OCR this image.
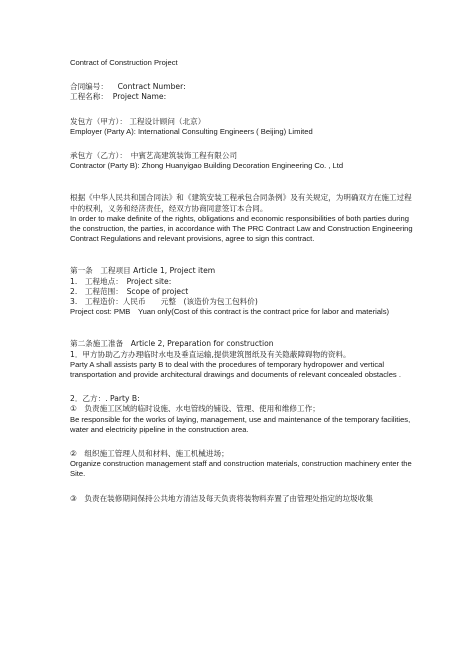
Contract of Construction Project

合同编号： Contract Number:

工程名称： Project Name:

发包方（甲方）： 工程设计顾问（北京）

Employer (Party A): International Consulting Engineers ( Beijing) Limited

承包方（乙方）：　中賓艺高建筑装饰工程有限公司

Contractor (Party B): Zhong Huanyigao Building Decoration Engineering Co. , Ltd

根据《中华人民共和国合同法》和《建筑安装工程承包合同条例》及有关规定，为明确双方在施工过程中的权利，义务和经济责任，经双方协商同意签订本合同。

In order to make definite of the rights, obligations and economic responsibilities of both parties during the construction, the parties, in accordance with The PRC Contract Law and Construction Engineering Contract Regulations and relevant provisions, agree to sign this contract.

第一条　工程项目 Article 1, Project item

1.　工程地点：　Project site:

2.　工程范围：　Scope of project

3.　工程造价：人民币　　元整　(该造价为包工包料价)

Project cost: PMB　Yuan only(Cost of this contract is the contract price for labor and materials)

第二条施工准备　Article 2, Preparation for construction

1．甲方协助乙方办理临时水电及垂直运输,提供建筑图纸及有关隐蔽障碍物的资料。

Party A shall assists party B to deal with the procedures of temporary hydropower and vertical transportation and provide architectural drawings and documents of relevant concealed obstacles .

2．乙方：. Party B:

①　负责施工区域的临时设施、水电管线的铺设、管理、使用和维修工作；

Be responsible for the works of laying, management, use and maintenance of the temporary facilities, water and electricity pipeline in the construction area.

②　组织施工管理人员和材料、施工机械进场；

Organize construction management staff and construction materials, construction machinery enter the Site.

③　负责在装修期间保持公共地方清洁及每天负责将装物料弃置了由管理处指定的垃圾收集
